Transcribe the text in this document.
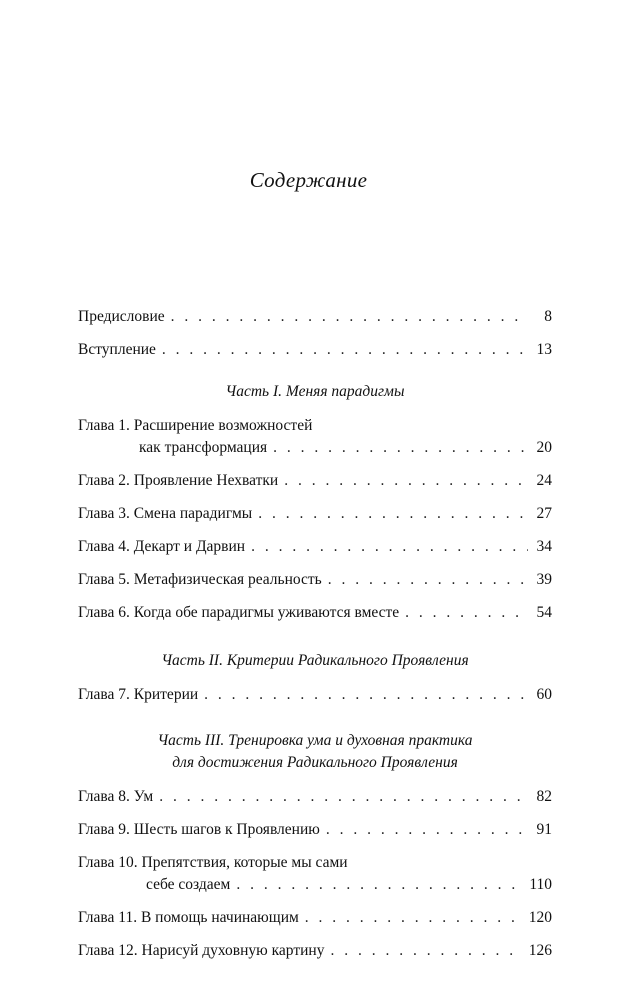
Содержание
Предисловие . . .	8
Вступление . . .	13
Часть I. Меняя парадигмы
Глава 1. Расширение возможностей
как трансформация . . .	20
Глава 2. Проявление Нехватки . . .	24
Глава 3. Смена парадигмы . . .	27
Глава 4. Декарт и Дарвин . . .	34
Глава 5. Метафизическая реальность . . .	39
Глава 6. Когда обе парадигмы уживаются вместе . . .	54
Часть II. Критерии Радикального Проявления
Глава 7. Критерии . . .	60
Часть III. Тренировка ума и духовная практика
для достижения Радикального Проявления
Глава 8. Ум . . .	82
Глава 9. Шесть шагов к Проявлению . . .	91
Глава 10. Препятствия, которые мы сами
себе создаем . . .	110
Глава 11. В помощь начинающим . . .	120
Глава 12. Нарисуй духовную картину . . .	126
